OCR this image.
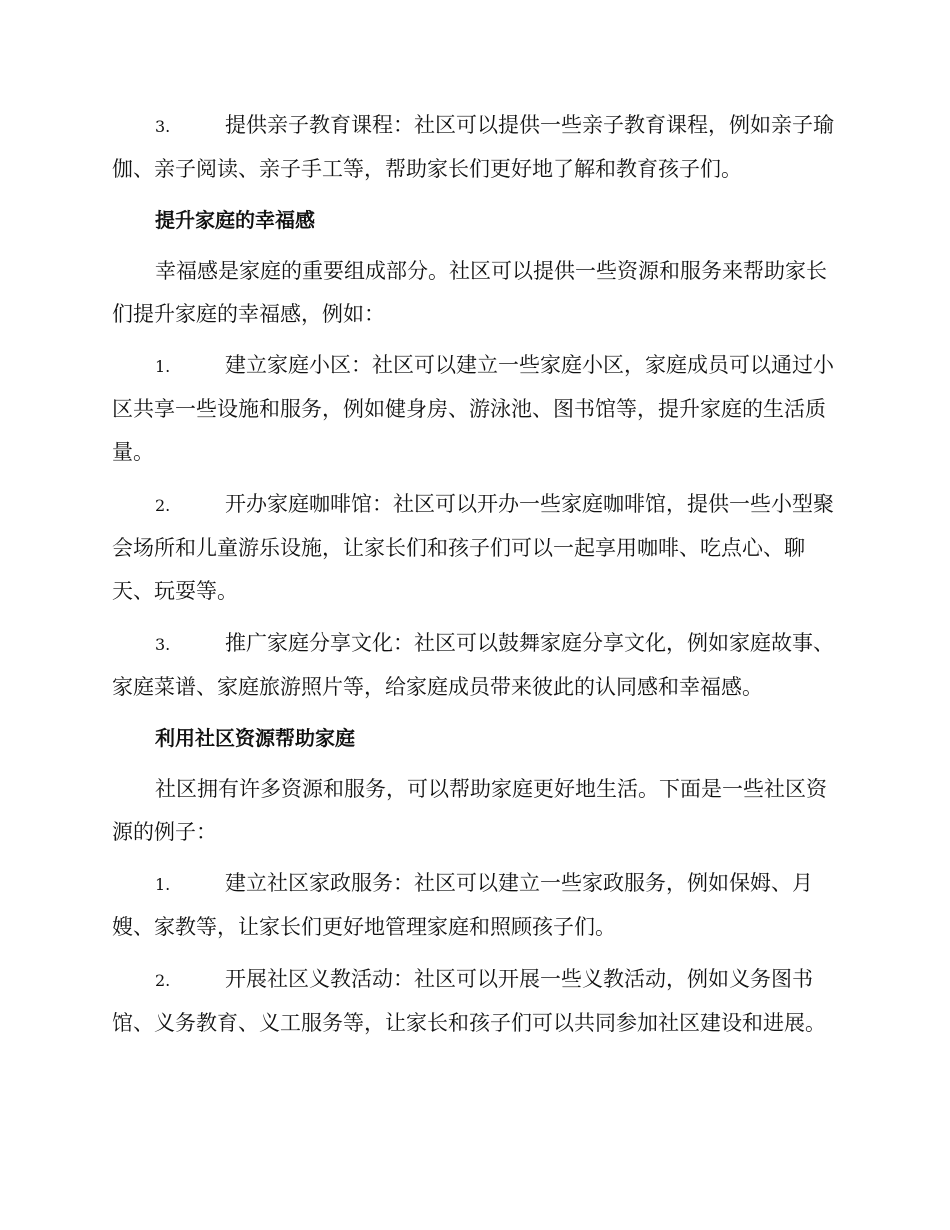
3.	提供亲子教育课程：社区可以提供一些亲子教育课程，例如亲子瑜伽、亲子阅读、亲子手工等，帮助家长们更好地了解和教育孩子们。

提升家庭的幸福感

幸福感是家庭的重要组成部分。社区可以提供一些资源和服务来帮助家长们提升家庭的幸福感，例如：

1.	建立家庭小区：社区可以建立一些家庭小区，家庭成员可以通过小区共享一些设施和服务，例如健身房、游泳池、图书馆等，提升家庭的生活质量。

2.	开办家庭咖啡馆：社区可以开办一些家庭咖啡馆，提供一些小型聚会场所和儿童游乐设施，让家长们和孩子们可以一起享用咖啡、吃点心、聊天、玩耍等。

3.	推广家庭分享文化：社区可以鼓舞家庭分享文化，例如家庭故事、家庭菜谱、家庭旅游照片等，给家庭成员带来彼此的认同感和幸福感。

利用社区资源帮助家庭

社区拥有许多资源和服务，可以帮助家庭更好地生活。下面是一些社区资源的例子：

1.	建立社区家政服务：社区可以建立一些家政服务，例如保姆、月嫂、家教等，让家长们更好地管理家庭和照顾孩子们。

2.	开展社区义教活动：社区可以开展一些义教活动，例如义务图书馆、义务教育、义工服务等，让家长和孩子们可以共同参加社区建设和进展。
